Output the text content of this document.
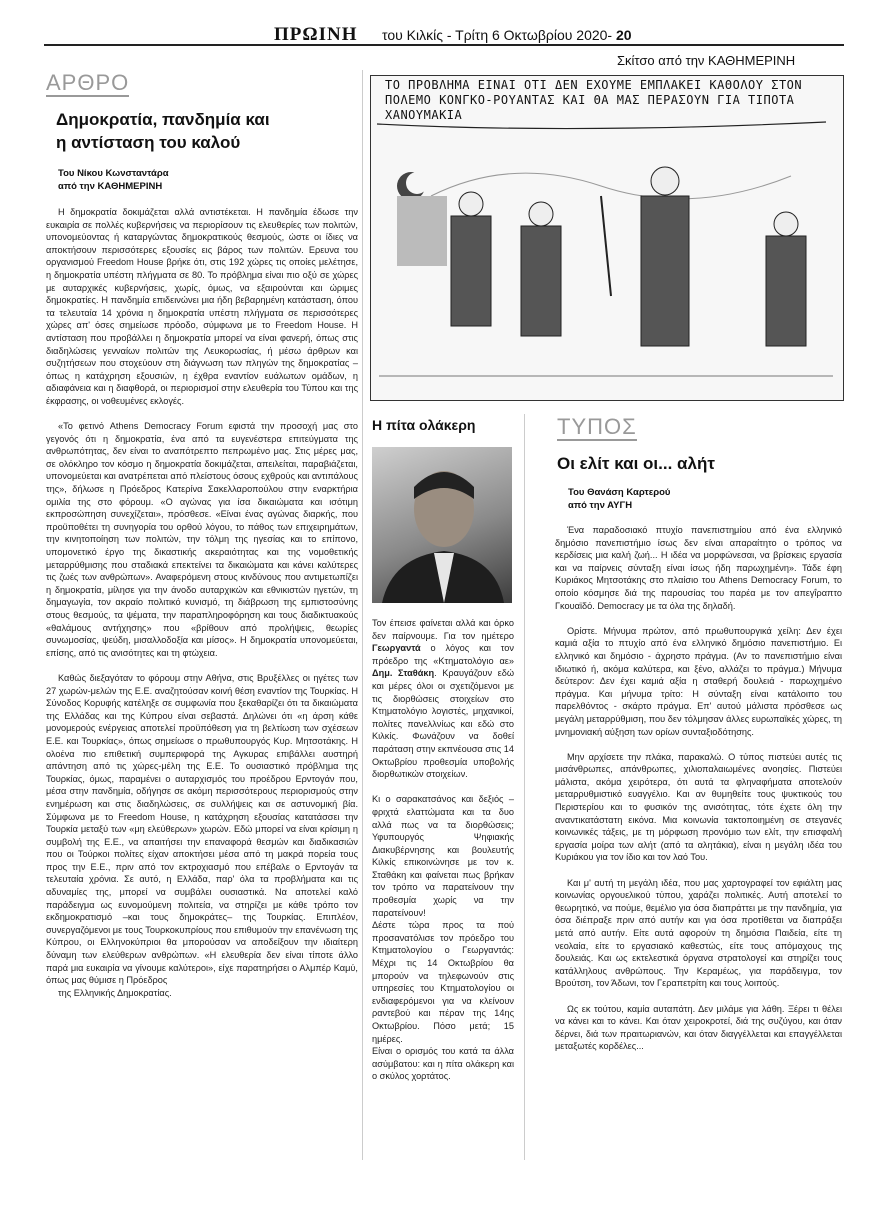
ΠΡΩΙΝΗ του Κιλκίς - Τρίτη 6 Οκτωβρίου 2020- 20
Σκίτσο από την ΚΑΘΗΜΕΡΙΝΗ
ΑΡΘΡΟ
Δημοκρατία, πανδημία και
η αντίσταση του καλού
Του Νίκου Κωνσταντάρα
από την ΚΑΘΗΜΕΡΙΝΗ

Η δημοκρατία δοκιμάζεται αλλά αντιστέκεται. Η πανδημία έδωσε την ευκαιρία σε πολλές κυβερνήσεις να περιορίσουν τις ελευθερίες των πολιτών, υπονομεύοντας ή καταργώντας δημοκρατικούς θεσμούς, ώστε οι ίδιες να αποκτήσουν περισσότερες εξουσίες εις βάρος των πολιτών. Ερευνα του οργανισμού Freedom House βρήκε ότι, στις 192 χώρες τις οποίες μελέτησε, η δημοκρατία υπέστη πλήγματα σε 80. Το πρόβλημα είναι πιο οξύ σε χώρες με αυταρχικές κυβερνήσεις, χωρίς, όμως, να εξαιρούνται και ώριμες δημοκρατίες. Η πανδημία επιδεινώνει μια ήδη βεβαρημένη κατάσταση, όπου τα τελευταία 14 χρόνια η δημοκρατία υπέστη πλήγματα σε περισσότερες χώρες απ' όσες σημείωσε πρόοδο, σύμφωνα με το Freedom House. Η αντίσταση που προβάλλει η δημοκρατία μπορεί να είναι φανερή, όπως στις διαδηλώσεις γενναίων πολιτών της Λευκορωσίας, ή μέσω άρθρων και συζητήσεων που στοχεύουν στη διάγνωση των πληγών της δημοκρατίας – όπως η κατάχρηση εξουσιών, η έχθρα εναντίον ευάλωτων ομάδων, η αδιαφάνεια και η διαφθορά, οι περιορισμοί στην ελευθερία του Τύπου και της έκφρασης, οι νοθευμένες εκλογές.

«Το φετινό Athens Democracy Forum εφιστά την προσοχή μας στο γεγονός ότι η δημοκρατία, ένα από τα ευγενέστερα επιτεύγματα της ανθρωπότητας, δεν είναι το αναπότρεπτο πεπρωμένο μας. Στις μέρες μας, σε ολόκληρο τον κόσμο η δημοκρατία δοκιμάζεται, απειλείται, παραβιάζεται, υπονομεύεται και ανατρέπεται από πλείστους όσους εχθρούς και αντιπάλους της», δήλωσε η Πρόεδρος Κατερίνα Σακελλαροπούλου στην εναρκτήρια ομιλία της στο φόρουμ. «Ο αγώνας για ίσα δικαιώματα και ισότιμη εκπροσώπηση συνεχίζεται», πρόσθεσε. «Είναι ένας αγώνας διαρκής, που προϋποθέτει τη συνηγορία του ορθού λόγου, το πάθος των επιχειρημάτων, την κινητοποίηση των πολιτών, την τόλμη της ηγεσίας και το επίπονο, υπομονετικό έργο της δικαστικής ακεραιότητας και της νομοθετικής μεταρρύθμισης που σταδιακά επεκτείνει τα δικαιώματα και κάνει καλύτερες τις ζωές των ανθρώπων». Αναφερόμενη στους κινδύνους που αντιμετωπίζει η δημοκρατία, μίλησε για την άνοδο αυταρχικών και εθνικιστών ηγετών, τη δημαγωγία, τον ακραίο πολιτικό κυνισμό, τη διάβρωση της εμπιστοσύνης στους θεσμούς, τα ψέματα, την παραπληροφόρηση και τους διαδικτυακούς «θαλάμους αντήχησης» που «βρίθουν από προλήψεις, θεωρίες συνωμοσίας, ψεύδη, μισαλλοδοξία και μίσος». Η δημοκρατία υπονομεύεται, επίσης, από τις ανισότητες και τη φτώχεια.

Καθώς διεξαγόταν το φόρουμ στην Αθήνα, στις Βρυξέλλες οι ηγέτες των 27 χωρών-μελών της Ε.Ε. αναζητούσαν κοινή θέση εναντίον της Τουρκίας. Η Σύνοδος Κορυφής κατέληξε σε συμφωνία που ξεκαθαρίζει ότι τα δικαιώματα της Ελλάδας και της Κύπρου είναι σεβαστά. Δηλώνει ότι «η άρση κάθε μονομερούς ενέργειας αποτελεί προϋπόθεση για τη βελτίωση των σχέσεων Ε.Ε. και Τουρκίας», όπως σημείωσε ο πρωθυπουργός Κυρ. Μητσοτάκης. Η ολοένα πιο επιθετική συμπεριφορά της Αγκυρας επιβάλλει αυστηρή απάντηση από τις χώρες-μέλη της Ε.Ε. Το ουσιαστικό πρόβλημα της Τουρκίας, όμως, παραμένει ο αυταρχισμός του προέδρου Ερντογάν που, μέσα στην πανδημία, οδήγησε σε ακόμη περισσότερους περιορισμούς στην ενημέρωση και στις διαδηλώσεις, σε συλλήψεις και σε αστυνομική βία. Σύμφωνα με το Freedom House, η κατάχρηση εξουσίας κατατάσσει την Τουρκία μεταξύ των «μη ελεύθερων» χωρών. Εδώ μπορεί να είναι κρίσιμη η συμβολή της Ε.Ε., να απαιτήσει την επαναφορά θεσμών και διαδικασιών που οι Τούρκοι πολίτες είχαν αποκτήσει μέσα από τη μακρά πορεία τους προς την Ε.Ε., πριν από τον εκτροχιασμό που επέβαλε ο Ερντογάν τα τελευταία χρόνια. Σε αυτό, η Ελλάδα, παρ' όλα τα προβλήματα και τις αδυναμίες της, μπορεί να συμβάλει ουσιαστικά. Να αποτελεί καλό παράδειγμα ως ευνομούμενη πολιτεία, να στηρίζει με κάθε τρόπο τον εκδημοκρατισμό –και τους δημοκράτες– της Τουρκίας. Επιπλέον, συνεργαζόμενοι με τους Τουρκοκυπρίους που επιθυμούν την επανένωση της Κύπρου, οι Ελληνοκύπριοι θα μπορούσαν να αποδείξουν την ιδιαίτερη δύναμη των ελεύθερων ανθρώπων. «Η ελευθερία δεν είναι τίποτε άλλο παρά μια ευκαιρία να γίνουμε καλύτεροι», είχε παρατηρήσει ο Αλμπέρ Καμύ, όπως μας θύμισε η Πρόεδρος

της Ελληνικής Δημοκρατίας.

ΤΟ ΠΡΟΒΛΗΜΑ ΕΙΝΑΙ ΟΤΙ ΔΕΝ ΕΧΟΥΜΕ ΕΜΠΛΑΚΕΙ ΚΑΘΟΛΟΥ ΣΤΟΝ ΠΟΛΕΜΟ ΚΟΝΓΚΟ-ΡΟΥΑΝΤΑΣ ΚΑΙ ΘΑ ΜΑΣ ΠΕΡΑΣΟΥΝ ΓΙΑ ΤΙΠΟΤΑ ΧΑΝΟΥΜΑΚΙΑ
Η πίτα ολάκερη

Τον έπεισε φαίνεται αλλά και όρκο δεν παίρνουμε. Για τον ημέτερο Γεωργαντά ο λόγος και τον πρόεδρο της «Κτηματολόγιο αε» Δημ. Σταθάκη. Κραυγάζουν εδώ και μέρες όλοι οι σχετιζόμενοι με τις διορθώσεις στοιχείων στο Κτηματολόγιο λογιστές, μηχανικοί, πολίτες πανελλνίως και εδώ στο Κιλκίς. Φωνάζουν να δοθεί παράταση στην εκπνέουσα στις 14 Οκτωβρίου προθεσμία υποβολής διορθωτικών στοιχείων.

Κι ο σαρακατσάνος και δεξιός – φριχτά ελαττώματα και τα δυο αλλά πως να τα διορθώσεις; Υφυπουργός Ψηφιακής Διακυβέρνησης και βουλευτής Κιλκίς επικοινώνησε με τον κ. Σταθάκη και φαίνεται πως βρήκαν τον τρόπο να παρατείνουν την προθεσμία χωρίς να την παρατείνουν!

Δέστε τώρα προς τα πού προσανατόλισε τον πρόεδρο του Κτηματολογίου ο Γεωργαντάς: Μέχρι τις 14 Οκτωβρίου θα μπορούν να τηλεφωνούν στις υπηρεσίες του Κτηματολογίου οι ενδιαφερόμενοι για να κλείνουν ραντεβού και πέραν της 14ης Οκτωβρίου. Πόσο μετά; 15 ημέρες.

Είναι ο ορισμός του κατά τα άλλα ασύμβατου: και η πίτα ολάκερη και ο σκύλος χορτάτος.

ΤΥΠΟΣ
Οι ελίτ και οι... αλήτ
Του Θανάση Καρτερού
από την ΑΥΓΗ

Ένα παραδοσιακό πτυχίο πανεπιστημίου από ένα ελληνικό δημόσιο πανεπιστήμιο ίσως δεν είναι απαραίτητο ο τρόπος να κερδίσεις μια καλή ζωή... Η ιδέα να μορφώνεσαι, να βρίσκεις εργασία και να παίρνεις σύνταξη είναι ίσως ήδη παρωχημένη». Τάδε έφη Κυριάκος Μητσοτάκης στο πλαίσιο του Athens Democracy Forum, το οποίο κόσμησε διά της παρουσίας του παρέα με τον απεγΐραπτο Γκουαϊδό. Democracy με τα όλα της δηλαδή.

Ορίστε. Μήνυμα πρώτον, από πρωθυπουργικά χείλη: Δεν έχει καμιά αξία το πτυχίο από ένα ελληνικό δημόσιο πανεπιστήμιο. Ει ελληνικό και δημόσιο - άχρηστο πράγμα. (Αν το πανεπιστήμιο είναι ιδιωτικό ή, ακόμα καλύτερα, και ξένο, αλλάζει το πράγμα.) Μήνυμα δεύτερον: Δεν έχει καμιά αξία η σταθερή δουλειά - παρωχημένο πράγμα. Και μήνυμα τρίτο: Η σύνταξη είναι κατάλοιπο του παρελθόντος - σκάρτο πράγμα. Επ' αυτού μάλιστα πρόσθεσε ως μεγάλη μεταρρύθμιση, που δεν τόλμησαν άλλες ευρωπαϊκές χώρες, τη μνημονιακή αύξηση των ορίων συνταξιοδότησης.

Μην αρχίσετε την πλάκα, παρακαλώ. Ο τύπος πιστεύει αυτές τις μισάνθρωπες, απάνθρωπες, χιλιοπαλαιωμένες ανοησίες. Πιστεύει μάλιστα, ακόμα χειρότερα, ότι αυτά τα φληναφήματα αποτελούν μεταρρυθμιστικό ευαγγέλιο. Και αν θυμηθείτε τους ψυκτικούς του Περιστερίου και το φυσικόν της ανισότητας, τότε έχετε όλη την αναντικατάστατη εικόνα. Μια κοινωνία τακτοποιημένη σε στεγανές κοινωνικές τάξεις, με τη μόρφωση προνόμιο των ελίτ, την επισφαλή εργασία μοίρα των αλήτ (από τα αλητάκια), είναι η μεγάλη ιδέα του Κυριάκου για τον ίδιο και τον λαό Του.

Και μ' αυτή τη μεγάλη ιδέα, που μας χαρτογραφεί τον εφιάλτη μας κοινωνίας οργουελικού τύπου, χαράζει πολιτικές. Αυτή αποτελεί το θεωρητικό, να πούμε, θεμέλιο για όσα διαπράττει με την πανδημία, για όσα διέπραξε πριν από αυτήν και για όσα προτίθεται να διαπράξει μετά από αυτήν. Είτε αυτά αφορούν τη δημόσια Παιδεία, είτε τη νεολαία, είτε το εργασιακό καθεστώς, είτε τους απόμαχους της δουλειάς. Και ως εκτελεστικά όργανα στρατολογεί και στηρίζει τους κατάλληλους ανθρώπους. Την Κεραμέως, για παράδειγμα, τον Βρούτση, τον Άδωνι, τον Γεραπετρίτη και τους λοιπούς.

Ως εκ τούτου, καμία αυταπάτη. Δεν μιλάμε για λάθη. Ξέρει τι θέλει να κάνει και το κάνει. Και όταν χειροκροτεί, διά της συζύγου, και όταν δέρνει, διά των πραιτωριανών, και όταν διαγγέλλεται και επαγγέλλεται μεταξωτές κορδέλες...
